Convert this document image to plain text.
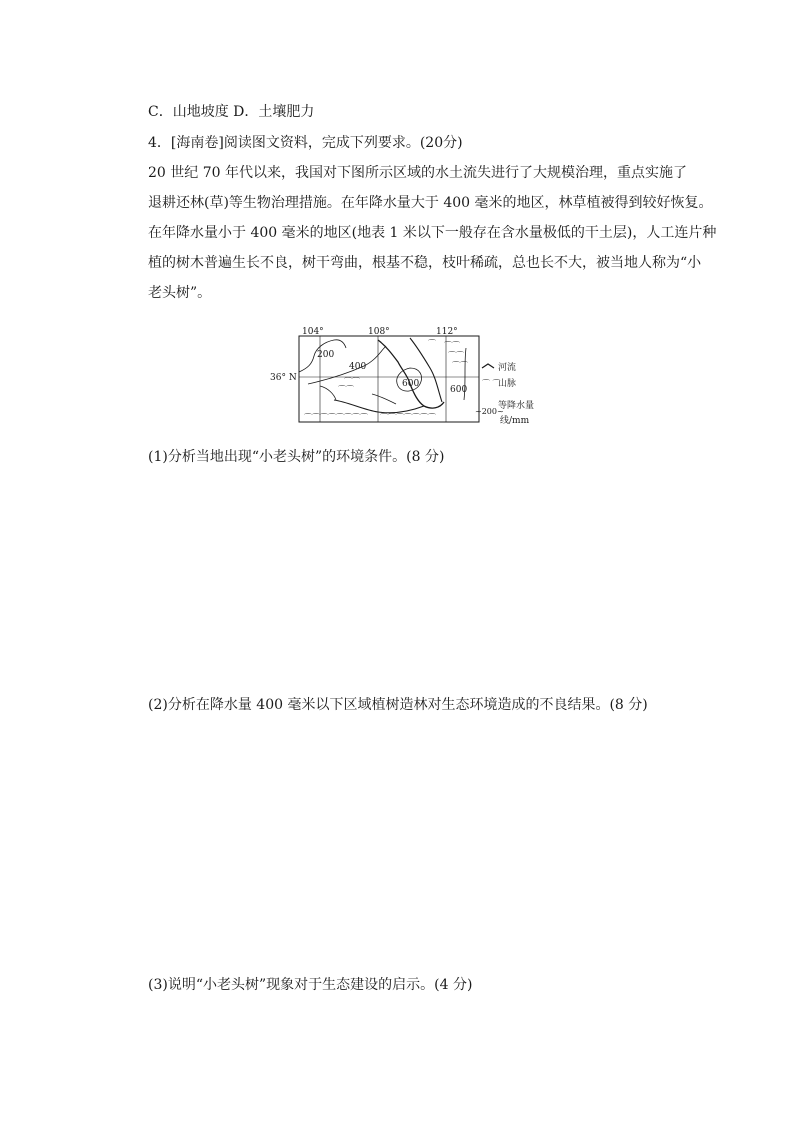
C．山地坡度 D．土壤肥力
4．[海南卷]阅读图文资料，完成下列要求。(20分)
20 世纪 70 年代以来，我国对下图所示区域的水土流失进行了大规模治理，重点实施了
退耕还林(草)等生物治理措施。在年降水量大于 400 毫米的地区，林草植被得到较好恢复。
在年降水量小于 400 毫米的地区(地表 1 米以下一般存在含水量极低的干土层)，人工连片种
植的树木普遍生长不良，树干弯曲，根基不稳，枝叶稀疏，总也长不大，被当地人称为“小
老头树”。
104°	108°	112°
36° N
200
400
600
600
⌒⌒
⌒⌒
⌒⌒
⌒⌒
⌒⌒
⌒
⌒⌒⌒⌒⌒⌒⌒⌒ ⌒⌒⌒⌒⌒⌒⌒
河流
⌒ ⌒
山脉
~200~
等降水量
线/mm
(1)分析当地出现“小老头树”的环境条件。(8 分)
(2)分析在降水量 400 毫米以下区域植树造林对生态环境造成的不良结果。(8 分)
(3)说明“小老头树”现象对于生态建设的启示。(4 分)
